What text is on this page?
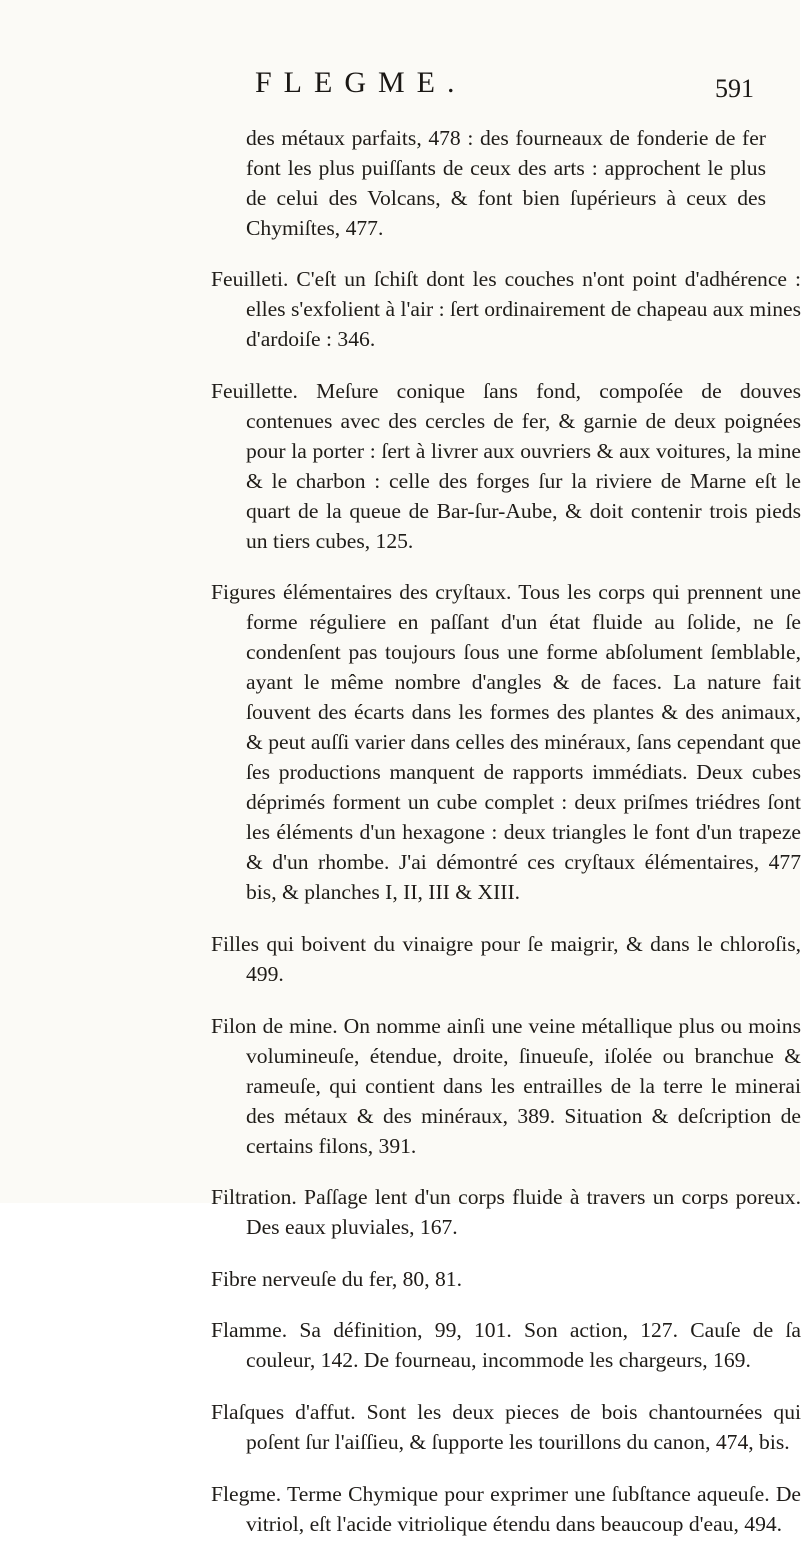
FLEGME.	591

des métaux parfaits, 478 : des fourneaux de fonderie de fer font les plus puiſſants de ceux des arts : approchent le plus de celui des Volcans, & font bien ſupérieurs à ceux des Chymiſtes, 477.

Feuilleti. C'eſt un ſchiſt dont les couches n'ont point d'adhérence : elles s'exfolient à l'air : ſert ordinairement de chapeau aux mines d'ardoiſe : 346.

Feuillette. Meſure conique ſans fond, compoſée de douves contenues avec des cercles de fer, & garnie de deux poignées pour la porter : ſert à livrer aux ouvriers & aux voitures, la mine & le charbon : celle des forges ſur la riviere de Marne eſt le quart de la queue de Bar-ſur-Aube, & doit contenir trois pieds un tiers cubes, 125.

Figures élémentaires des cryſtaux. Tous les corps qui prennent une forme réguliere en paſſant d'un état fluide au ſolide, ne ſe condenſent pas toujours ſous une forme abſolument ſemblable, ayant le même nombre d'angles & de faces. La nature fait ſouvent des écarts dans les formes des plantes & des animaux, & peut auſſi varier dans celles des minéraux, ſans cependant que ſes productions manquent de rapports immédiats. Deux cubes déprimés forment un cube complet : deux priſmes triédres ſont les éléments d'un hexagone : deux triangles le font d'un trapeze & d'un rhombe. J'ai démontré ces cryſtaux élémentaires, 477 bis, & planches I, II, III & XIII.

Filles qui boivent du vinaigre pour ſe maigrir, & dans le chloroſis, 499.

Filon de mine. On nomme ainſi une veine métallique plus ou moins volumineuſe, étendue, droite, ſinueuſe, iſolée ou branchue & rameuſe, qui contient dans les entrailles de la terre le minerai des métaux & des minéraux, 389. Situation & deſcription de certains filons, 391.

Filtration. Paſſage lent d'un corps fluide à travers un corps poreux. Des eaux pluviales, 167.

Fibre nerveuſe du fer, 80, 81.

Flamme. Sa définition, 99, 101. Son action, 127. Cauſe de ſa couleur, 142. De fourneau, incommode les chargeurs, 169.

Flaſques d'affut. Sont les deux pieces de bois chantournées qui poſent ſur l'aiſſieu, & ſupporte les tourillons du canon, 474, bis.

Flegme. Terme Chymique pour exprimer une ſubſtance aqueuſe. De vitriol, eſt l'acide vitriolique étendu dans beaucoup d'eau, 494.
